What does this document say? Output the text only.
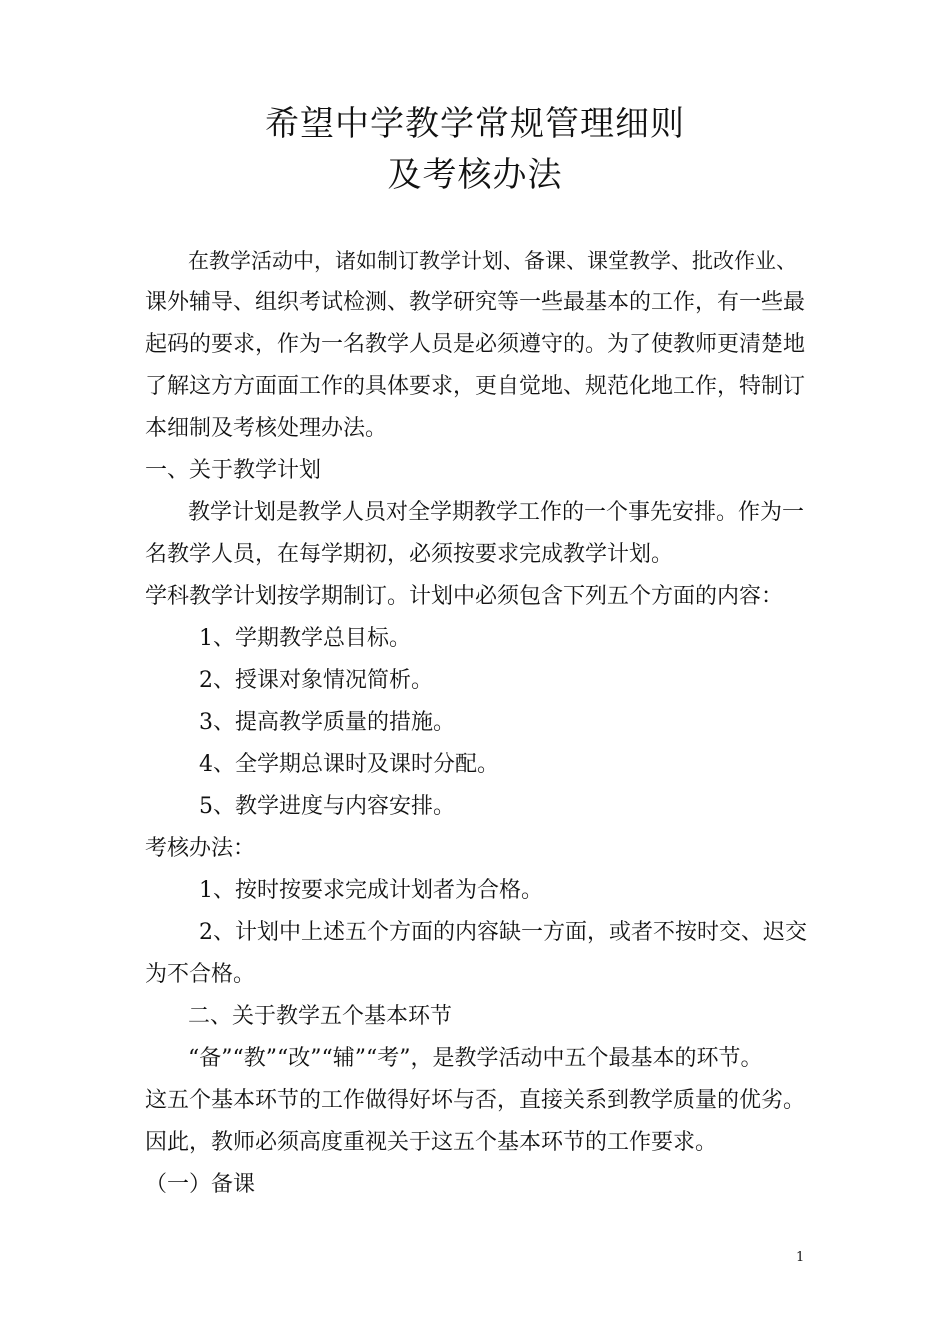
希望中学教学常规管理细则
及考核办法
在教学活动中，诸如制订教学计划、备课、课堂教学、批改作业、
课外辅导、组织考试检测、教学研究等一些最基本的工作，有一些最
起码的要求，作为一名教学人员是必须遵守的。为了使教师更清楚地
了解这方方面面工作的具体要求，更自觉地、规范化地工作，特制订
本细制及考核处理办法。
一、关于教学计划
教学计划是教学人员对全学期教学工作的一个事先安排。作为一
名教学人员，在每学期初，必须按要求完成教学计划。
学科教学计划按学期制订。计划中必须包含下列五个方面的内容：
1、学期教学总目标。
2、授课对象情况简析。
3、提高教学质量的措施。
4、全学期总课时及课时分配。
5、教学进度与内容安排。
考核办法：
1、按时按要求完成计划者为合格。
2、计划中上述五个方面的内容缺一方面，或者不按时交、迟交
为不合格。
二、关于教学五个基本环节
“备”“教”“改”“辅”“考”，是教学活动中五个最基本的环节。
这五个基本环节的工作做得好坏与否，直接关系到教学质量的优劣。
因此，教师必须高度重视关于这五个基本环节的工作要求。
（一）备课
1
